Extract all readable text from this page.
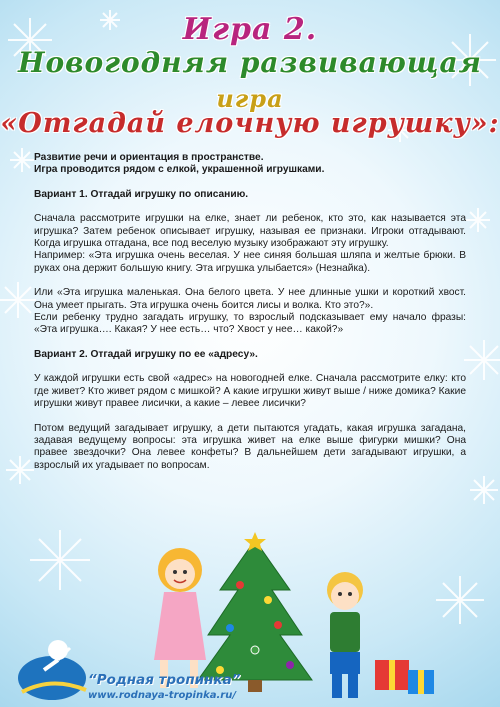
Игра 2.
Новогодняя развивающая
игра
«Отгадай елочную игрушку»:

Развитие речи и ориентация в пространстве.

Игра проводится рядом с елкой, украшенной игрушками.

Вариант 1. Отгадай игрушку по описанию.

Сначала рассмотрите игрушки на елке, знает ли ребенок, кто это, как называется эта игрушка? Затем ребенок описывает игрушку, называя ее признаки. Игроки отгадывают. Когда игрушка отгадана, все под веселую музыку изображают эту игрушку.

Например: «Эта игрушка очень веселая. У нее синяя большая шляпа и желтые брюки. В руках она держит большую книгу. Эта игрушка улыбается» (Незнайка).

Или «Эта игрушка маленькая. Она белого цвета. У нее длинные ушки и короткий хвост. Она умеет прыгать. Эта игрушка очень боится лисы и волка. Кто это?».

Если ребенку трудно загадать игрушку, то взрослый подсказывает ему начало фразы: «Эта игрушка…. Какая? У нее есть… что? Хвост у нее… какой?»

Вариант 2. Отгадай игрушку по ее «адресу».

У каждой игрушки есть свой «адрес» на новогодней елке. Сначала рассмотрите елку: кто где живет? Кто живет рядом с мишкой? А какие игрушки живут выше / ниже домика? Какие игрушки живут правее лисички, а какие – левее лисички?

Потом ведущий загадывает игрушку, а дети пытаются угадать, какая игрушка загадана, задавая ведущему вопросы: эта игрушка живет на елке выше фигурки мишки? Она правее звездочки? Она левее конфеты? В дальнейшем дети загадывают игрушки, а взрослый их угадывает по вопросам.

“Родная тропинка”
www.rodnaya-tropinka.ru/
